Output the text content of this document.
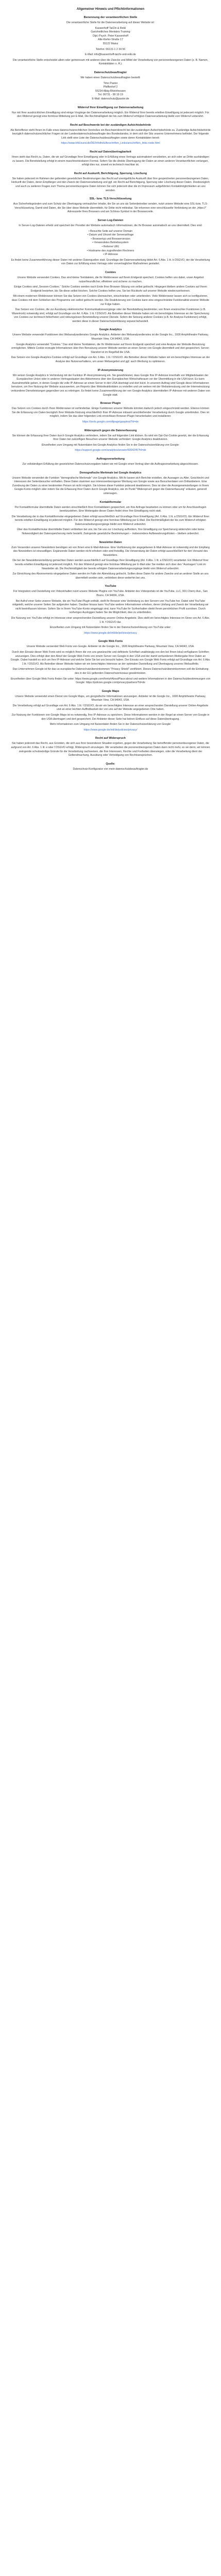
Allgemeiner Hinweis und Pflichtinformationen
Benennung der verantwortlichen Stelle
Die verantwortliche Stelle für die Datenverarbeitung auf dieser Website ist:
Kassenhoff TaiChi & Reiki
Ganzheitliches Mentales Training
Dipl.-Psych. Peter Kassenhoff
Alte-Kiefer-Straße 17
55122 Mainz
Telefon: 06131-1 2 34 56
E-Mail: info@kassenhoff-taichi-und-reiki.de
Die verantwortliche Stelle entscheidet allein oder gemeinsam mit anderen über die Zwecke und Mittel der Verarbeitung von personenbezogenen Daten (z. B. Namen, Kontaktdaten o. Ä.).
Datenschutzbeauftragter
Wir haben einen Datenschutzbeauftragten bestellt:
Timo Pastor
Pfaffenhof 2
55234 Albig-Rheinhessen
Tel. 06731 - 99 19 19
E-Mail: datenschutz@pastor.de
Widerruf Ihrer Einwilligung zur Datenverarbeitung
Nur mit Ihrer ausdrücklichen Einwilligung sind einige Vorgänge der Datenverarbeitung möglich. Ein Widerruf Ihrer bereits erteilten Einwilligung ist jederzeit möglich. Für den Widerruf genügt eine formlose Mitteilung per E-Mail. Die Rechtmäßigkeit der bis zum Widerruf erfolgten Datenverarbeitung bleibt vom Widerruf unberührt.
Recht auf Beschwerde bei der zuständigen Aufsichtsbehörde
Als Betroffener steht Ihnen im Falle eines datenschutzrechtlichen Verstoßes ein Beschwerderecht bei der zuständigen Aufsichtsbehörde zu. Zuständige Aufsichtsbehörde bezüglich datenschutzrechtlicher Fragen ist der Landesdatenschutzbeauftragte des Bundeslandes, in dem sich der Sitz unseres Unternehmens befindet. Der folgende Link stellt eine Liste der Datenschutzbeauftragten sowie deren Kontaktdaten bereit:
https://www.bfdi.bund.de/DE/Infothek/Anschriften_Links/anschriften_links-node.html
Recht auf Datenübertragbarkeit
Ihnen steht das Recht zu, Daten, die wir auf Grundlage Ihrer Einwilligung oder in Erfüllung eines Vertrags automatisiert verarbeiten, an sich oder an Dritte aushändigen zu lassen. Die Bereitstellung erfolgt in einem maschinenlesbaren Format. Sofern Sie die direkte Übertragung der Daten an einen anderen Verantwortlichen verlangen, erfolgt dies nur, soweit es technisch machbar ist.
Recht auf Auskunft, Berichtigung, Sperrung, Löschung
Sie haben jederzeit im Rahmen der geltenden gesetzlichen Bestimmungen das Recht auf unentgeltliche Auskunft über Ihre gespeicherten personenbezogenen Daten, Herkunft der Daten, deren Empfänger und den Zweck der Datenverarbeitung und ggf. ein Recht auf Berichtigung, Sperrung oder Löschung dieser Daten. Diesbezüglich und auch zu weiteren Fragen zum Thema personenbezogene Daten können Sie sich jederzeit über die im Impressum aufgeführten Kontaktmöglichkeiten an uns wenden.
SSL- bzw. TLS-Verschlüsselung
Aus Sicherheitsgründen und zum Schutz der Übertragung vertraulicher Inhalte, die Sie an uns als Seitenbetreiber senden, nutzt unsere Website eine SSL-bzw. TLS-Verschlüsselung. Damit sind Daten, die Sie über diese Website übermitteln, für Dritte nicht mitlesbar. Sie erkennen eine verschlüsselte Verbindung an der „https://“ Adresszeile Ihres Browsers und am Schloss-Symbol in der Browserzeile.
Server-Log-Dateien
In Server-Log-Dateien erhebt und speichert der Provider der Website automatisch Informationen, die Ihr Browser automatisch an uns übermittelt. Dies sind:
• Besuchte Seite auf unserer Domain
• Datum und Uhrzeit der Serveranfrage
• Browsertyp und Browserversion
• Verwendetes Betriebssystem
• Referrer URL
• Hostname des zugreifenden Rechners
• IP-Adresse
Es findet keine Zusammenführung dieser Daten mit anderen Datenquellen statt. Grundlage der Datenverarbeitung bildet Art. 6 Abs. 1 lit. b DSGVO, der die Verarbeitung von Daten zur Erfüllung eines Vertrags oder vorvertraglicher Maßnahmen gestattet.
Cookies
Unsere Website verwendet Cookies. Das sind kleine Textdateien, die Ihr Webbrowser auf Ihrem Endgerät speichert. Cookies helfen uns dabei, unser Angebot nutzerfreundlicher, effektiver und sicherer zu machen.
Einige Cookies sind „Session-Cookies.“ Solche Cookies werden nach Ende Ihrer Browser-Sitzung von selbst gelöscht. Hingegen bleiben andere Cookies auf Ihrem Endgerät bestehen, bis Sie diese selbst löschen. Solche Cookies helfen uns, Sie bei Rückkehr auf unserer Website wiederzuerkennen.
Mit einem modernen Webbrowser können Sie das Setzen von Cookies überwachen, einschränken oder unterbinden. Viele Webbrowser lassen sich so konfigurieren, dass Cookies mit dem Schließen des Programms von selbst gelöscht werden. Die Deaktivierung von Cookies kann eine eingeschränkte Funktionalität unserer Website zur Folge haben.
Das Setzen von Cookies, die zur Ausübung elektronischer Kommunikationsvorgänge oder der Bereitstellung bestimmter, von Ihnen erwünschter Funktionen (z.B. Warenkorb) notwendig sind, erfolgt auf Grundlage von Art. 6 Abs. 1 lit. f DSGVO. Als Betreiber dieser Website haben wir ein berechtigtes Interesse an der Speicherung von Cookies zur technisch fehlerfreien und reibungslosen Bereitstellung unserer Dienste. Sofern die Setzung anderer Cookies (z.B. für Analyse-Funktionen) erfolgt, werden diese in dieser Datenschutzerklärung separat behandelt.
Google Analytics
Unsere Website verwendet Funktionen des Webanalysedienstes Google Analytics. Anbieter des Webanalysedienstes ist die Google Inc., 1600 Amphitheatre Parkway, Mountain View, CA 94043, USA.
Google Analytics verwendet "Cookies." Das sind kleine Textdateien, die Ihr Webbrowser auf Ihrem Endgerät speichert und eine Analyse der Website-Benutzung ermöglichen. Mittels Cookie erzeugte Informationen über Ihre Benutzung unserer Website werden an einen Server von Google übermittelt und dort gespeichert. Server-Standort ist im Regelfall die USA.
Das Setzen von Google-Analytics-Cookies erfolgt auf Grundlage von Art. 6 Abs. 1 lit. f DSGVO. Als Betreiber dieser Website haben wir ein berechtigtes Interesse an der Analyse des Nutzerverhaltens, um unser Webangebot und ggf. auch Werbung zu optimieren.
IP-Anonymisierung
Wir setzen Google Analytics in Verbindung mit der Funktion IP-Anonymisierung ein. Sie gewährleistet, dass Google Ihre IP-Adresse innerhalb von Mitgliedstaaten der Europäischen Union oder in anderen Vertragsstaaten des Abkommens über den Europäischen Wirtschaftsraum vor der Übermittlung in die USA kürzt. Es kann Ausnahmefälle geben, in denen Google die volle IP-Adresse an einen Server in den USA überträgt und dort kürzt. In unserem Auftrag wird Google diese Informationen benutzen, um Ihre Nutzung der Website auszuwerten, um Reports über Websiteaktivitäten zu erstellen und um weitere mit der Websitenutzung und der Internetnutzung verbundene Dienstleistungen gegenüber uns zu erbringen. Es findet keine Zusammenführung der von Google Analytics übermittelten IP-Adresse mit anderen Daten von Google statt.
Browser Plugin
Das Setzen von Cookies durch Ihren Webbrowser ist verhinderbar. Einige Funktionen unserer Website könnten dadurch jedoch eingeschränkt werden. Ebenso können Sie die Erfassung von Daten bezüglich Ihrer Website-Nutzung einschließlich Ihrer IP-Adresse mitsamt anschließender Verarbeitung durch Google unterbinden. Dies ist möglich, indem Sie das über folgenden Link erreichbare Browser-Plugin herunterladen und installieren:
https://tools.google.com/dlpage/gaoptout?hl=de
Widerspruch gegen die Datenerfassung
Sie können die Erfassung Ihrer Daten durch Google Analytics verhindern, indem Sie auf folgenden Link klicken. Es wird ein Opt-Out-Cookie gesetzt, der die Erfassung Ihrer Daten bei zukünftigen Besuchen unserer Website verhindert: Google Analytics deaktivieren.
Einzelheiten zum Umgang mit Nutzerdaten bei Google Analytics finden Sie in der Datenschutzerklärung von Google:
https://support.google.com/analytics/answer/6004245?hl=de
Auftragsverarbeitung
Zur vollständigen Erfüllung der gesetzlichen Datenschutzvorgaben haben wir mit Google einen Vertrag über die Auftragsverarbeitung abgeschlossen.
Demografische Merkmale bei Google Analytics
Unsere Website verwendet die Funktion "demografische Merkmale" von Google Analytics. Mit ihr lassen sich Berichte erstellen, die Aussagen zu Alter, Geschlecht und Interessen der Seitenbesucher enthalten. Diese Daten stammen aus interessenbezogener Werbung von Google sowie aus Besucherdaten von Drittanbietern. Eine Zuordnung der Daten zu einer bestimmten Person ist nicht möglich. Sie können diese Funktion jederzeit deaktivieren. Dies ist über die Anzeigeneinstellungen in Ihrem Google-Konto möglich oder indem Sie die Erfassung Ihrer Daten durch Google Analytics, wie im Punkt "Widerspruch gegen die Datenerfassung" erläutert, generell untersagen.
Kontaktformular
Per Kontaktformular übermittelte Daten werden einschließlich Ihrer Kontaktdaten gespeichert, um Ihre Anfrage bearbeiten zu können oder um für Anschlussfragen bereitzustehen. Eine Weitergabe dieser Daten findet ohne Ihre Einwilligung nicht statt.
Die Verarbeitung der in das Kontaktformular eingegebenen Daten erfolgt ausschließlich auf Grundlage Ihrer Einwilligung (Art. 6 Abs. 1 lit. a DSGVO). Ein Widerruf Ihrer bereits erteilten Einwilligung ist jederzeit möglich. Für den Widerruf genügt eine formlose Mitteilung per E-Mail. Die Rechtmäßigkeit der bis zum Widerruf erfolgten Datenverarbeitungsvorgänge bleibt vom Widerruf unberührt.
Über das Kontaktformular übermittelte Daten verbleiben bei uns, bis Sie uns zur Löschung auffordern, Ihre Einwilligung zur Speicherung widerrufen oder keine Notwendigkeit der Datenspeicherung mehr besteht. Zwingende gesetzliche Bestimmungen – insbesondere Aufbewahrungsfristen – bleiben unberührt.
Newsletter-Daten
Zum Versenden unseres Newsletters benötigen wir von Ihnen eine E-Mail-Adresse. Eine Verifizierung der angegebenen E-Mail-Adresse ist notwendig und der Empfang des Newsletters ist einzuwilligen. Ergänzende Daten werden nicht erhoben oder sind freiwillig. Die Verwendung der Daten erfolgt ausschließlich für den Versand des Newsletters.
Die bei der Newsletteranmeldung gemachten Daten werden ausschließlich auf Grundlage Ihrer Einwilligung (Art. 6 Abs. 1 lit. a DSGVO) verarbeitet. Ein Widerruf Ihrer bereits erteilten Einwilligung ist jederzeit möglich. Für den Widerruf genügt eine formlose Mitteilung per E-Mail oder Sie melden sich über den "Austragen"-Link im Newsletter ab. Die Rechtmäßigkeit der bereits erfolgten Datenverarbeitungsvorgänge bleibt vom Widerruf unberührt.
Zur Einrichtung des Abonnements eingegebene Daten werden im Falle der Abmeldung gelöscht. Sollten diese Daten für andere Zwecke und an anderer Stelle an uns übermittelt worden sein, verbleiben diese weiterhin bei uns.
YouTube
Für Integration und Darstellung von Videoinhalten nutzt unsere Website Plugins von YouTube. Anbieter des Videoportals ist die YouTube, LLC, 901 Cherry Ave., San Bruno, CA 94066, USA.
Bei Aufruf einer Seite unserer Website, die ein YouTube-Plugin enthält, stellt Ihr Browser eine Verbindung zu den Servern von YouTube her. Dabei wird YouTube mitgeteilt, welche unserer Seiten Sie aufgerufen haben. Darüber hinaus kann YouTube weitere Informationen erheben, deren Umfang und Zweck der Verarbeitung wir nicht beeinflussen können. Sofern Sie in Ihrem YouTube-Konto eingeloggt sind, kann YouTube Ihr Surfverhalten direkt Ihrem persönlichen Profil zuordnen. Durch vorheriges Ausloggen haben Sie die Möglichkeit, dies zu unterbinden.
Die Nutzung von YouTube erfolgt im Interesse einer ansprechenden Darstellung unserer Online-Angebote. Dies stellt ein berechtigtes Interesse im Sinne von Art. 6 Abs. 1 lit. f DSGVO dar.
Einzelheiten zum Umgang mit Nutzerdaten finden Sie in der Datenschutzerklärung von YouTube unter:
https://www.google.de/intl/de/policies/privacy
Google Web Fonts
Unsere Website verwendet Web Fonts von Google. Anbieter ist die Google Inc., 1600 Amphitheatre Parkway, Mountain View, CA 94043, USA.
Durch den Einsatz dieser Web Fonts wird es möglich Ihnen die von uns gewünschte und definierte Schriftart unabhängig von den bei Ihnen lokal verfügbaren Schriften anzuzeigen. Dies erfolgt über den Abruf der Google Web Fonts von einem Server von Google in den USA und der damit verbundenen Weitergabe Ihrer Daten an Google. Dabei handelt es sich um Ihre IP-Adresse und welche Seite Sie bei uns besucht haben. Der Einsatz von Google Web Fonts erfolgt auf Grundlage von Art. 6 Abs. 1 lit. f DSGVO. Als Betreiber dieser Website haben wir ein berechtigtes Interesse an der optimalen Darstellung und Übertragung unseres Webauftritts.
Das Unternehmen Google ist für das us-europäische Datenschutzübereinkommen "Privacy Shield" zertifiziert. Dieses Datenschutzübereinkommen soll die Einhaltung des in der EU geltenden Datenschutzniveaus gewährleisten.
Einzelheiten über Google Web Fonts finden Sie unter: https://www.google.com/fonts#AboutPlace:about und weitere Informationen in den Datenschutzbestimmungen von Google: https://policies.google.com/privacy/partners?hl=de
Google Maps
Unsere Website verwendet einen Dienst von Google Maps, um geografische Informationen anzuzeigen. Anbieter ist die Google Inc., 1600 Amphitheatre Parkway, Mountain View, CA 94043, USA.
Die Verarbeitung erfolgt auf Grundlage von Art. 6 Abs. 1 lit. f DSGVO, da wir ein berechtigtes Interesse an einer ansprechenden Darstellung unserer Online-Angebote und an einer leichten Auffindbarkeit der von uns auf der Website angegebenen Orte haben.
Zur Nutzung der Funktionen von Google Maps ist es notwendig, Ihre IP-Adresse zu speichern. Diese Informationen werden in der Regel an einen Server von Google in den USA übertragen und dort gespeichert. Der Anbieter dieser Seite hat keinen Einfluss auf diese Datenübertragung.
Mehr Informationen zum Umgang mit Nutzerdaten finden Sie in der Datenschutzerklärung von Google:
https://www.google.de/intl/de/policies/privacy/
Recht auf Widerspruch
Sie haben jederzeit das Recht, aus Gründen, die sich aus Ihrer besonderen Situation ergeben, gegen die Verarbeitung Sie betreffender personenbezogener Daten, die aufgrund von Art. 6 Abs. 1 lit. e oder f DSGVO erfolgt, Widerspruch einzulegen. Wir verarbeiten die personenbezogenen Daten dann nicht mehr, es sei denn, wir können zwingende schutzwürdige Gründe für die Verarbeitung nachweisen, die Ihre Interessen, Rechte und Freiheiten überwiegen, oder die Verarbeitung dient der Geltendmachung, Ausübung oder Verteidigung von Rechtsansprüchen.
Quelle:
Datenschutz-Konfigurator von mein-datenschutzbeauftragter.de
